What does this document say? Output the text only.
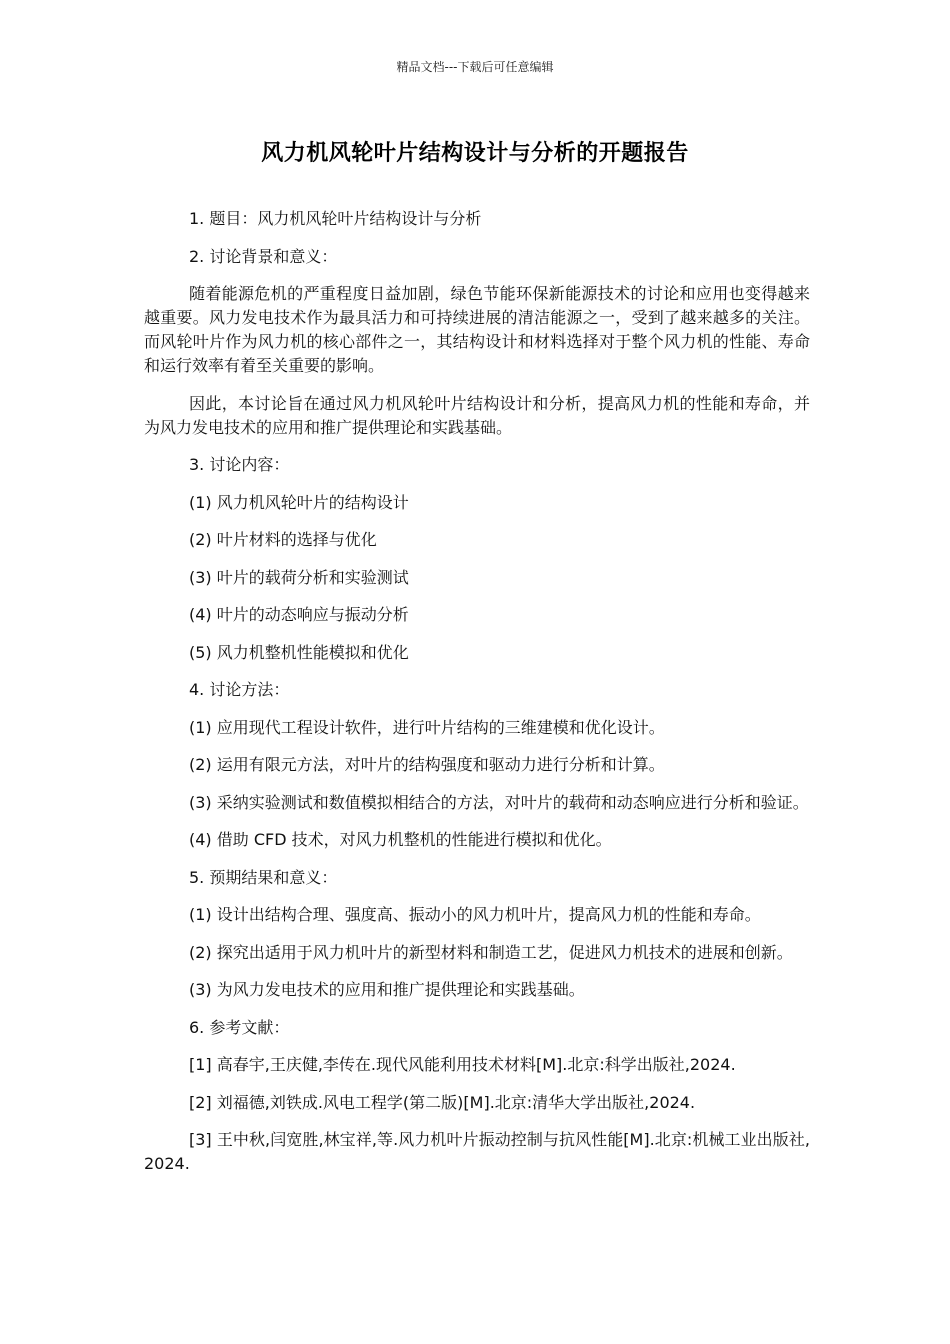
精品文档---下载后可任意编辑
风力机风轮叶片结构设计与分析的开题报告

1. 题目：风力机风轮叶片结构设计与分析

2. 讨论背景和意义：

随着能源危机的严重程度日益加剧，绿色节能环保新能源技术的讨论和应用也变得越来越重要。风力发电技术作为最具活力和可持续进展的清洁能源之一，受到了越来越多的关注。而风轮叶片作为风力机的核心部件之一，其结构设计和材料选择对于整个风力机的性能、寿命和运行效率有着至关重要的影响。

因此，本讨论旨在通过风力机风轮叶片结构设计和分析，提高风力机的性能和寿命，并为风力发电技术的应用和推广提供理论和实践基础。

3. 讨论内容：

(1) 风力机风轮叶片的结构设计

(2) 叶片材料的选择与优化

(3) 叶片的载荷分析和实验测试

(4) 叶片的动态响应与振动分析

(5) 风力机整机性能模拟和优化

4. 讨论方法：

(1) 应用现代工程设计软件，进行叶片结构的三维建模和优化设计。

(2) 运用有限元方法，对叶片的结构强度和驱动力进行分析和计算。

(3) 采纳实验测试和数值模拟相结合的方法，对叶片的载荷和动态响应进行分析和验证。

(4) 借助 CFD 技术，对风力机整机的性能进行模拟和优化。

5. 预期结果和意义：

(1) 设计出结构合理、强度高、振动小的风力机叶片，提高风力机的性能和寿命。

(2) 探究出适用于风力机叶片的新型材料和制造工艺，促进风力机技术的进展和创新。

(3) 为风力发电技术的应用和推广提供理论和实践基础。

6. 参考文献：

[1] 高春宇,王庆健,李传在.现代风能利用技术材料[M].北京:科学出版社,2024.

[2] 刘福德,刘铁成.风电工程学(第二版)[M].北京:清华大学出版社,2024.

[3] 王中秋,闫宽胜,林宝祥,等.风力机叶片振动控制与抗风性能[M].北京:机械工业出版社,2024.
